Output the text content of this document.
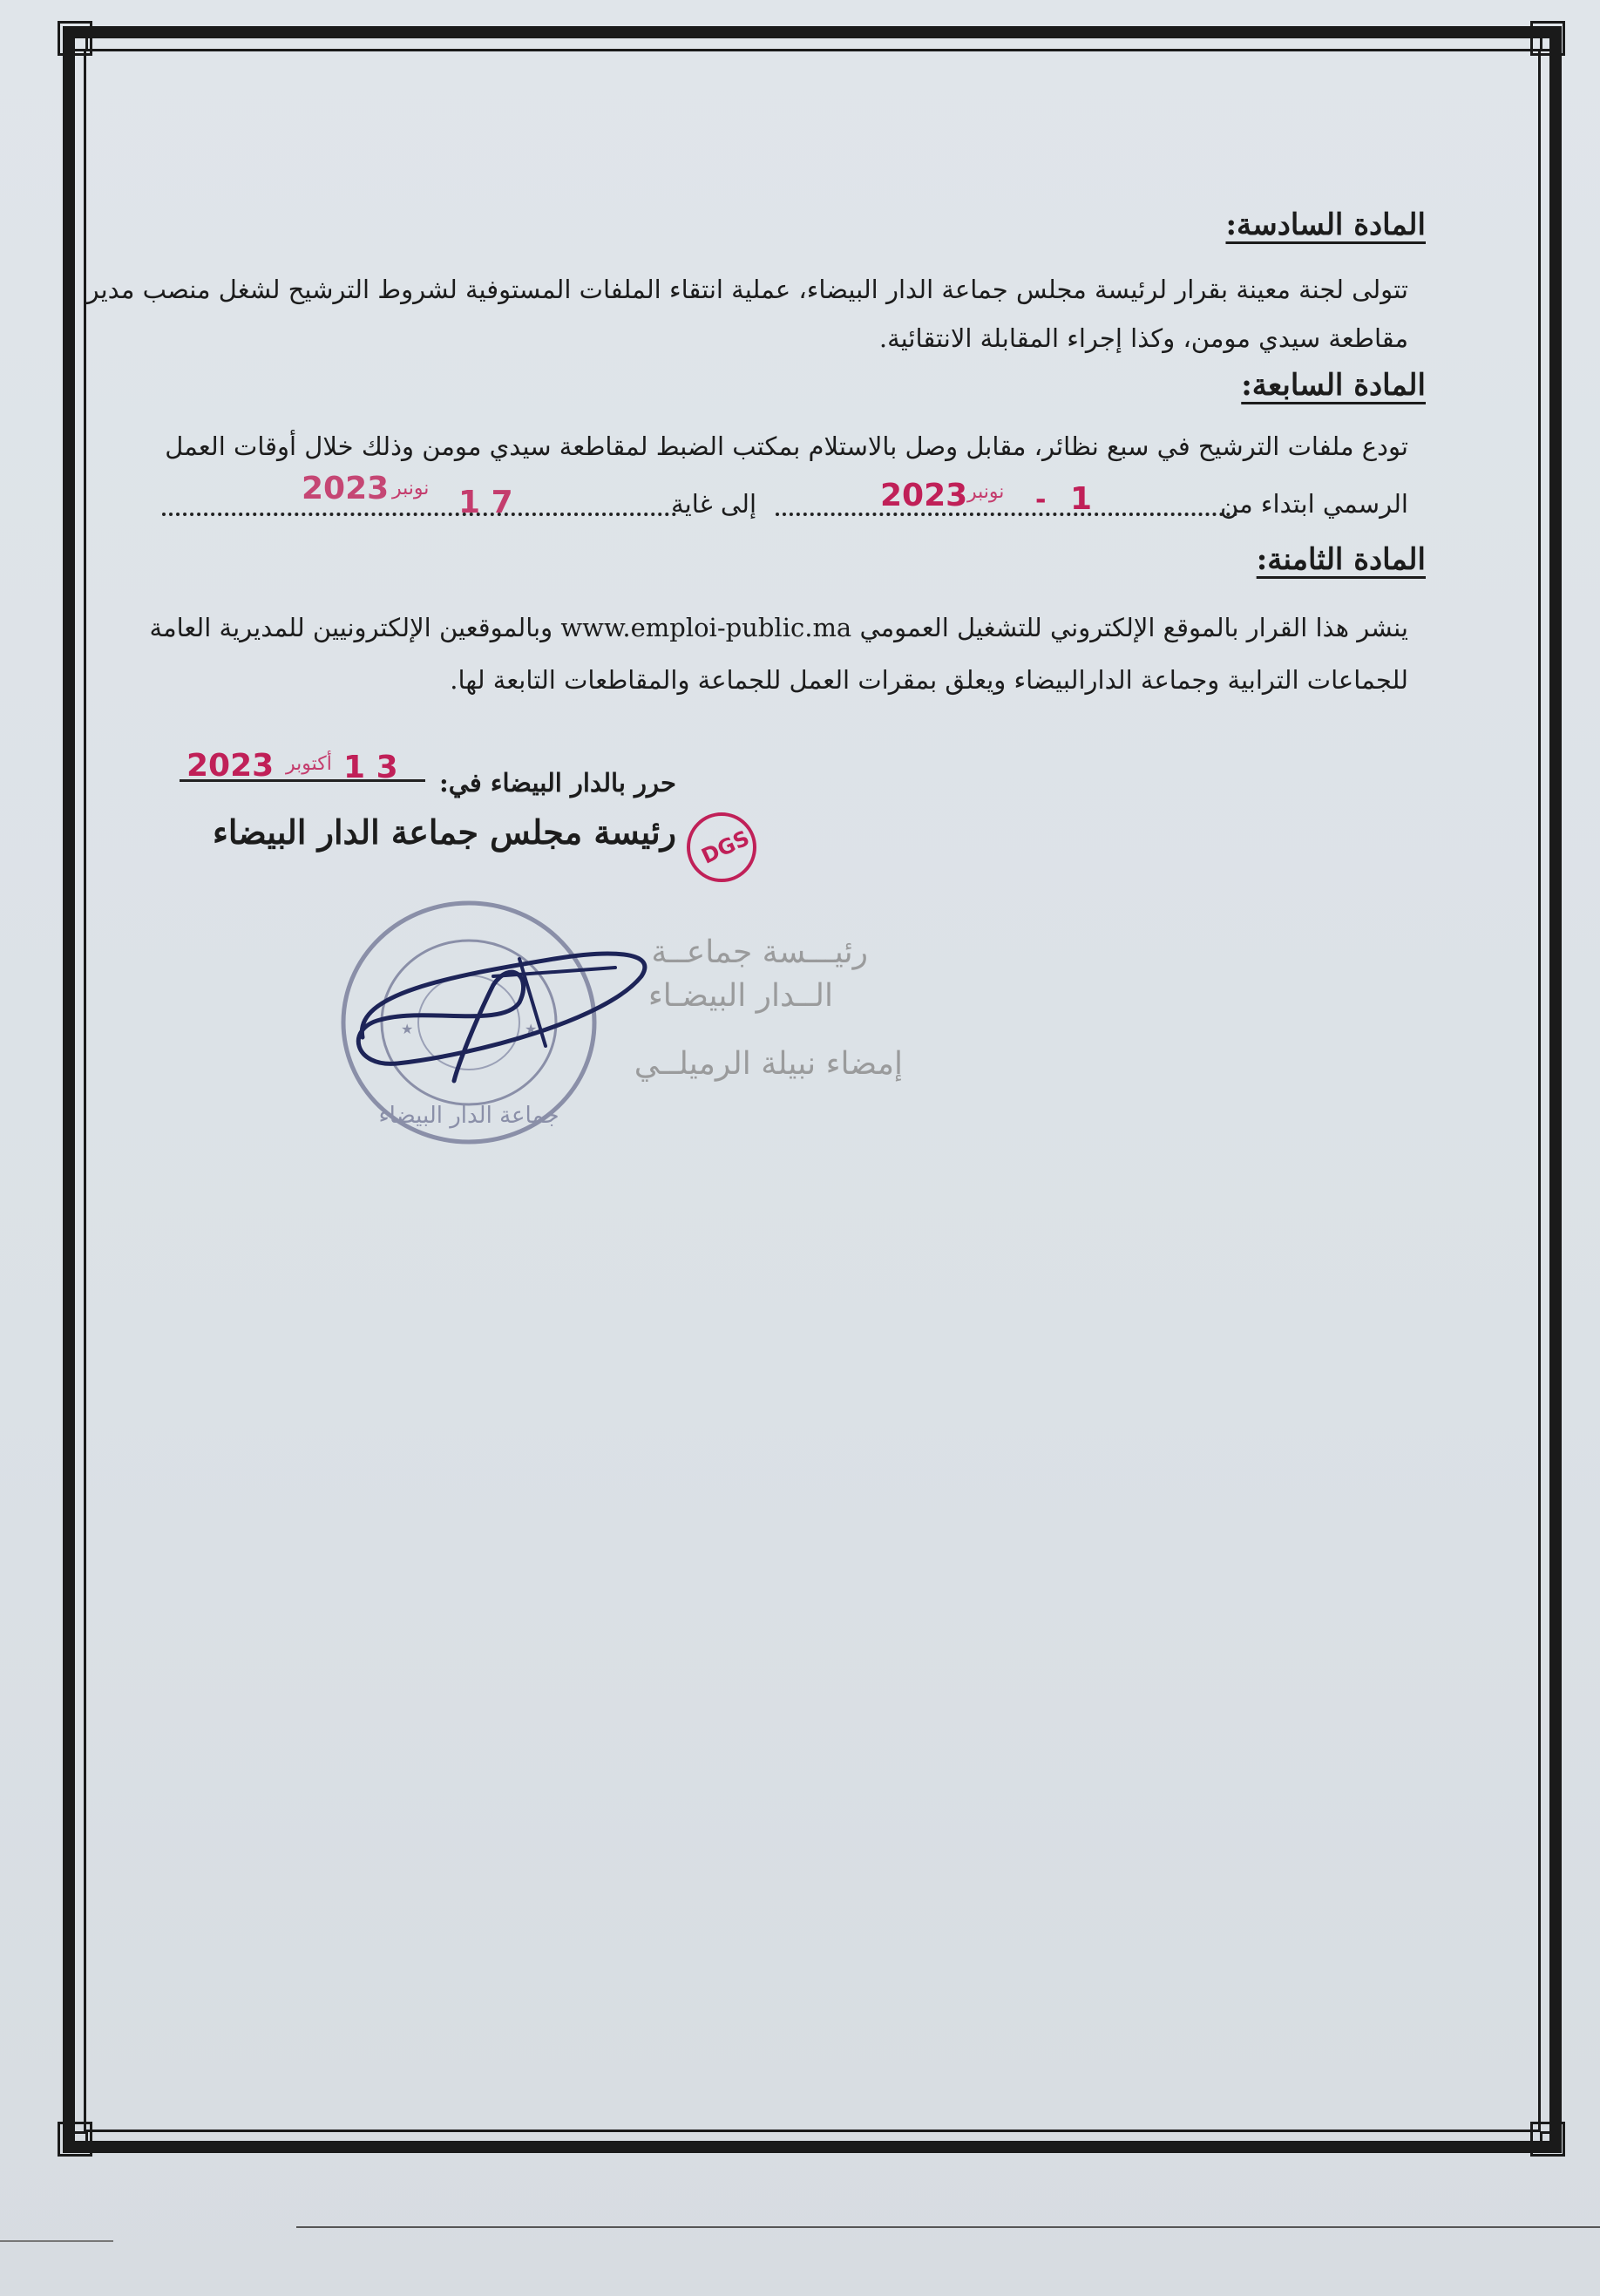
المادة السادسة:
تتولى لجنة معينة بقرار لرئيسة مجلس جماعة الدار البيضاء، عملية انتقاء الملفات المستوفية لشروط الترشيح لشغل منصب مدير
مقاطعة سيدي مومن، وكذا إجراء المقابلة الانتقائية.
المادة السابعة:
تودع ملفات الترشيح في سبع نظائر، مقابل وصل بالاستلام بمكتب الضبط لمقاطعة سيدي مومن وذلك خلال أوقات العمل
الرسمي ابتداء من
إلى غاية	2023 نونبر - 1
2023 نونبر 1 7
المادة الثامنة:
ينشر هذا القرار بالموقع الإلكتروني للتشغيل العمومي www.emploi-public.ma وبالموقعين الإلكترونيين للمديرية العامة
للجماعات الترابية وجماعة الدارالبيضاء ويعلق بمقرات العمل للجماعة والمقاطعات التابعة لها.
حرر بالدار البيضاء في:
2023 أكتوبر 1 3
رئيسة مجلس جماعة الدار البيضاء DGS
★	★
جماعة الدار البيضاء
رئيـــسة جماعــة
الــدار البيضـاء
إمضاء نبيلة الرميلــي
